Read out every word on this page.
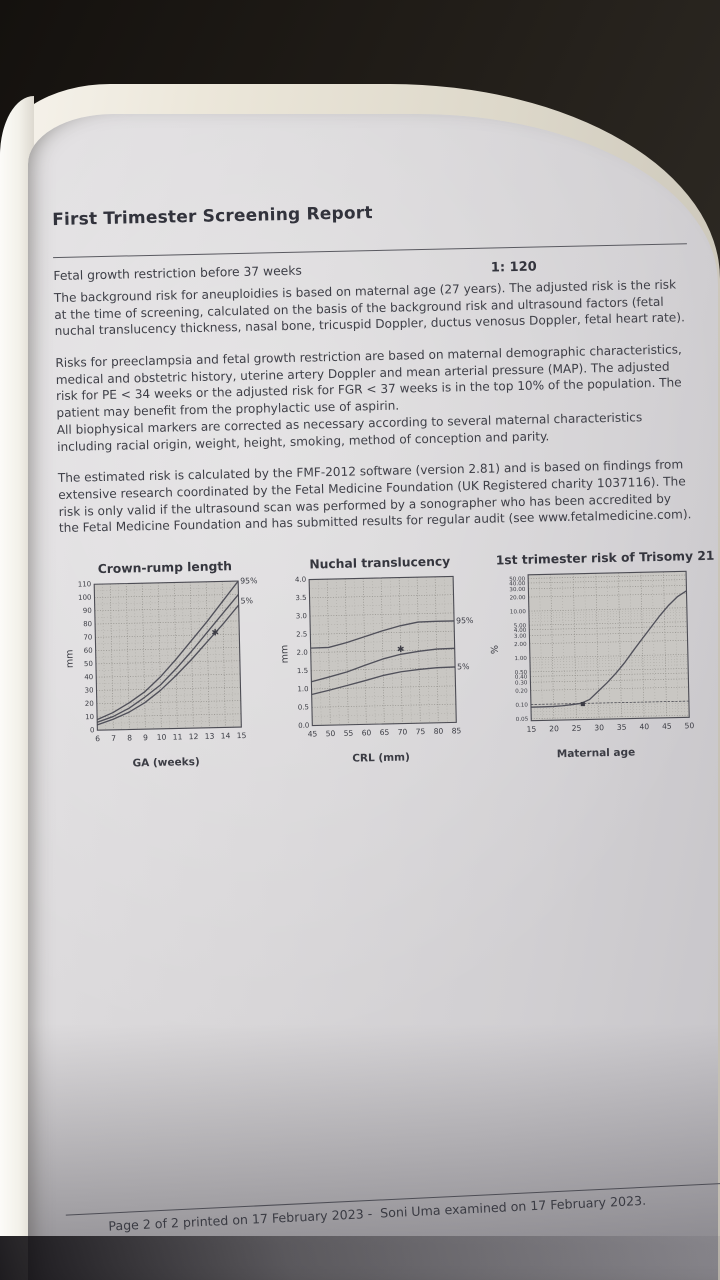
First Trimester Screening Report
Fetal growth restriction before 37 weeks	1: 120

The background risk for aneuploidies is based on maternal age (27 years). The adjusted risk is the risk at the time of screening, calculated on the basis of the background risk and ultrasound factors (fetal nuchal translucency thickness, nasal bone, tricuspid Doppler, ductus venosus Doppler, fetal heart rate).

Risks for preeclampsia and fetal growth restriction are based on maternal demographic characteristics, medical and obstetric history, uterine artery Doppler and mean arterial pressure (MAP). The adjusted risk for PE < 34 weeks or the adjusted risk for FGR < 37 weeks is in the top 10% of the population. The patient may benefit from the prophylactic use of aspirin.
All biophysical markers are corrected as necessary according to several maternal characteristics including racial origin, weight, height, smoking, method of conception and parity.

The estimated risk is calculated by the FMF-2012 software (version 2.81) and is based on findings from extensive research coordinated by the Fetal Medicine Foundation (UK Registered charity 1037116). The risk is only valid if the ultrasound scan was performed by a sonographer who has been accredited by the Fetal Medicine Foundation and has submitted results for regular audit (see www.fetalmedicine.com).

Crown-rump length
mm
6 7 8 9 10 11 12 13 14 15
0
10
20
30
40
50
60
70
80
90
100
110	95%
5%
✱
GA (weeks)
Nuchal translucency
mm
45 50 55 60 65 70 75 80 85
0.0
0.5
1.0
1.5
2.0
2.5
3.0
3.5
4.0
95%
5%
✱
CRL (mm)
1st trimester risk of Trisomy 21
%
15 20 25 30 35 40 45 50
50.00
40.00
30.00
20.00
10.00
5.00
4.00
3.00
2.00
1.00
0.50
0.40
0.30
0.20
0.10
0.05
■
Maternal age
Page 2 of 2 printed on 17 February 2023 -  Soni Uma examined on 17 February 2023.
